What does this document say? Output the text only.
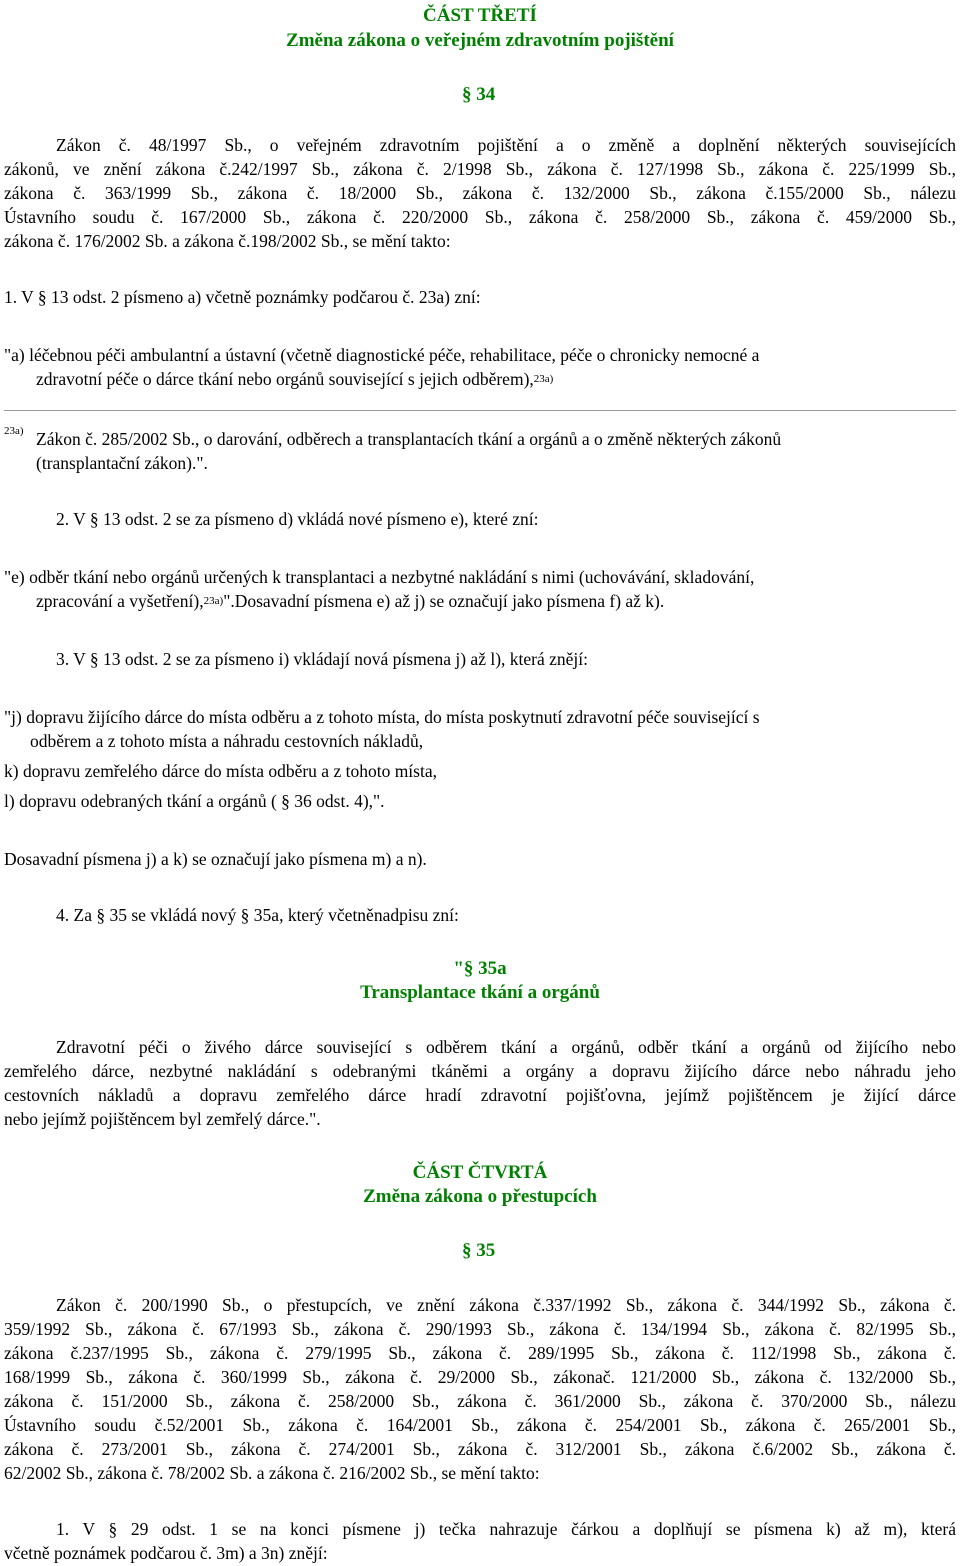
ČÁST TŘETÍ
Změna zákona o veřejném zdravotním pojištění
§ 34
Zákon č. 48/1997 Sb., o veřejném zdravotním pojištění a o změně a doplnění některých souvisejících
zákonů, ve znění zákona č.242/1997 Sb., zákona č. 2/1998 Sb., zákona č. 127/1998 Sb., zákona č. 225/1999 Sb.,
zákona č. 363/1999 Sb., zákona č. 18/2000 Sb., zákona č. 132/2000 Sb., zákona č.155/2000 Sb., nálezu
Ústavního soudu č. 167/2000 Sb., zákona č. 220/2000 Sb., zákona č. 258/2000 Sb., zákona č. 459/2000 Sb.,
zákona č. 176/2002 Sb. a zákona č.198/2002 Sb., se mění takto:
1. V § 13 odst. 2 písmeno a) včetně poznámky podčarou č. 23a) zní:
"a) léčebnou péči ambulantní a ústavní (včetně diagnostické péče, rehabilitace, péče o chronicky nemocné a
zdravotní péče o dárce tkání nebo orgánů související s jejich odběrem),$^{23a)}$
23a) Zákon č. 285/2002 Sb., o darování, odběrech a transplantacích tkání a orgánů a o změně některých zákonů
(transplantační zákon).".
2. V § 13 odst. 2 se za písmeno d) vkládá nové písmeno e), které zní:
"e) odběr tkání nebo orgánů určených k transplantaci a nezbytné nakládání s nimi (uchovávání, skladování,
zpracování a vyšetření),$^{23a)}$".Dosavadní písmena e) až j) se označují jako písmena f) až k).
3. V § 13 odst. 2 se za písmeno i) vkládají nová písmena j) až l), která znějí:
"j) dopravu žijícího dárce do místa odběru a z tohoto místa, do místa poskytnutí zdravotní péče související s
odběrem a z tohoto místa a náhradu cestovních nákladů,
k) dopravu zemřelého dárce do místa odběru a z tohoto místa,
l) dopravu odebraných tkání a orgánů ( § 36 odst. 4),".
Dosavadní písmena j) a k) se označují jako písmena m) a n).
4. Za § 35 se vkládá nový § 35a, který včetněnadpisu zní:
"§ 35a
Transplantace tkání a orgánů
Zdravotní péči o živého dárce související s odběrem tkání a orgánů, odběr tkání a orgánů od žijícího nebo
zemřelého dárce, nezbytné nakládání s odebranými tkáněmi a orgány a dopravu žijícího dárce nebo náhradu jeho
cestovních nákladů a dopravu zemřelého dárce hradí zdravotní pojišťovna, jejímž pojištěncem je žijící dárce
nebo jejímž pojištěncem byl zemřelý dárce.".
ČÁST ČTVRTÁ
Změna zákona o přestupcích
§ 35
Zákon č. 200/1990 Sb., o přestupcích, ve znění zákona č.337/1992 Sb., zákona č. 344/1992 Sb., zákona č.
359/1992 Sb., zákona č. 67/1993 Sb., zákona č. 290/1993 Sb., zákona č. 134/1994 Sb., zákona č. 82/1995 Sb.,
zákona č.237/1995 Sb., zákona č. 279/1995 Sb., zákona č. 289/1995 Sb., zákona č. 112/1998 Sb., zákona č.
168/1999 Sb., zákona č. 360/1999 Sb., zákona č. 29/2000 Sb., zákonač. 121/2000 Sb., zákona č. 132/2000 Sb.,
zákona č. 151/2000 Sb., zákona č. 258/2000 Sb., zákona č. 361/2000 Sb., zákona č. 370/2000 Sb., nálezu
Ústavního soudu č.52/2001 Sb., zákona č. 164/2001 Sb., zákona č. 254/2001 Sb., zákona č. 265/2001 Sb.,
zákona č. 273/2001 Sb., zákona č. 274/2001 Sb., zákona č. 312/2001 Sb., zákona č.6/2002 Sb., zákona č.
62/2002 Sb., zákona č. 78/2002 Sb. a zákona č. 216/2002 Sb., se mění takto:
1. V § 29 odst. 1 se na konci písmene j) tečka nahrazuje čárkou a doplňují se písmena k) až m), která
včetně poznámek podčarou č. 3m) a 3n) znějí:
